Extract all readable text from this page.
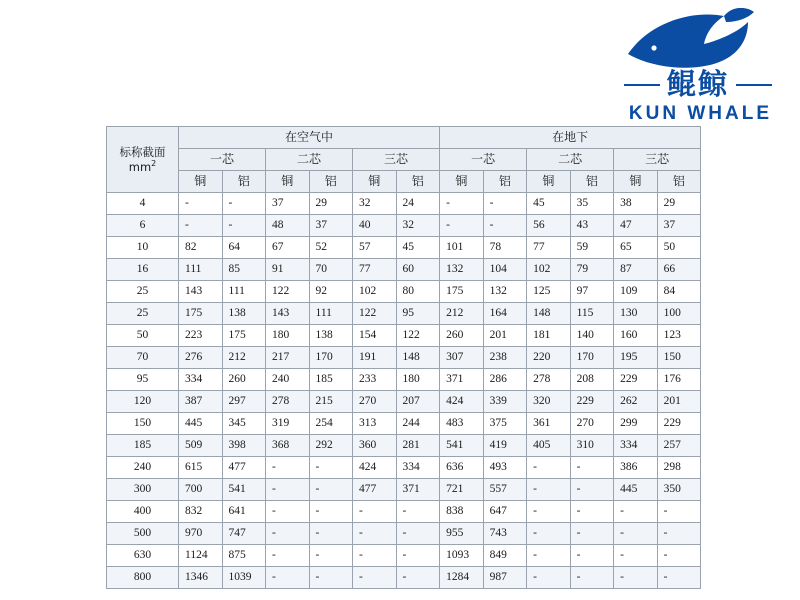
鲲鲸
KUN WHALE
标称截面
$mm^2$	在空气中						在地下					
	一芯		二芯		三芯		一芯		二芯		三芯	
	铜	铝	铜	铝	铜	铝	铜	铝	铜	铝	铜	铝
4	-	-	37	29	32	24	-	-	45	35	38	29
6	-	-	48	37	40	32	-	-	56	43	47	37
10	82	64	67	52	57	45	101	78	77	59	65	50
16	111	85	91	70	77	60	132	104	102	79	87	66
25	143	111	122	92	102	80	175	132	125	97	109	84
25	175	138	143	111	122	95	212	164	148	115	130	100
50	223	175	180	138	154	122	260	201	181	140	160	123
70	276	212	217	170	191	148	307	238	220	170	195	150
95	334	260	240	185	233	180	371	286	278	208	229	176
120	387	297	278	215	270	207	424	339	320	229	262	201
150	445	345	319	254	313	244	483	375	361	270	299	229
185	509	398	368	292	360	281	541	419	405	310	334	257
240	615	477	-	-	424	334	636	493	-	-	386	298
300	700	541	-	-	477	371	721	557	-	-	445	350
400	832	641	-	-	-	-	838	647	-	-	-	-
500	970	747	-	-	-	-	955	743	-	-	-	-
630	1124	875	-	-	-	-	1093	849	-	-	-	-
800	1346	1039	-	-	-	-	1284	987	-	-	-	-
